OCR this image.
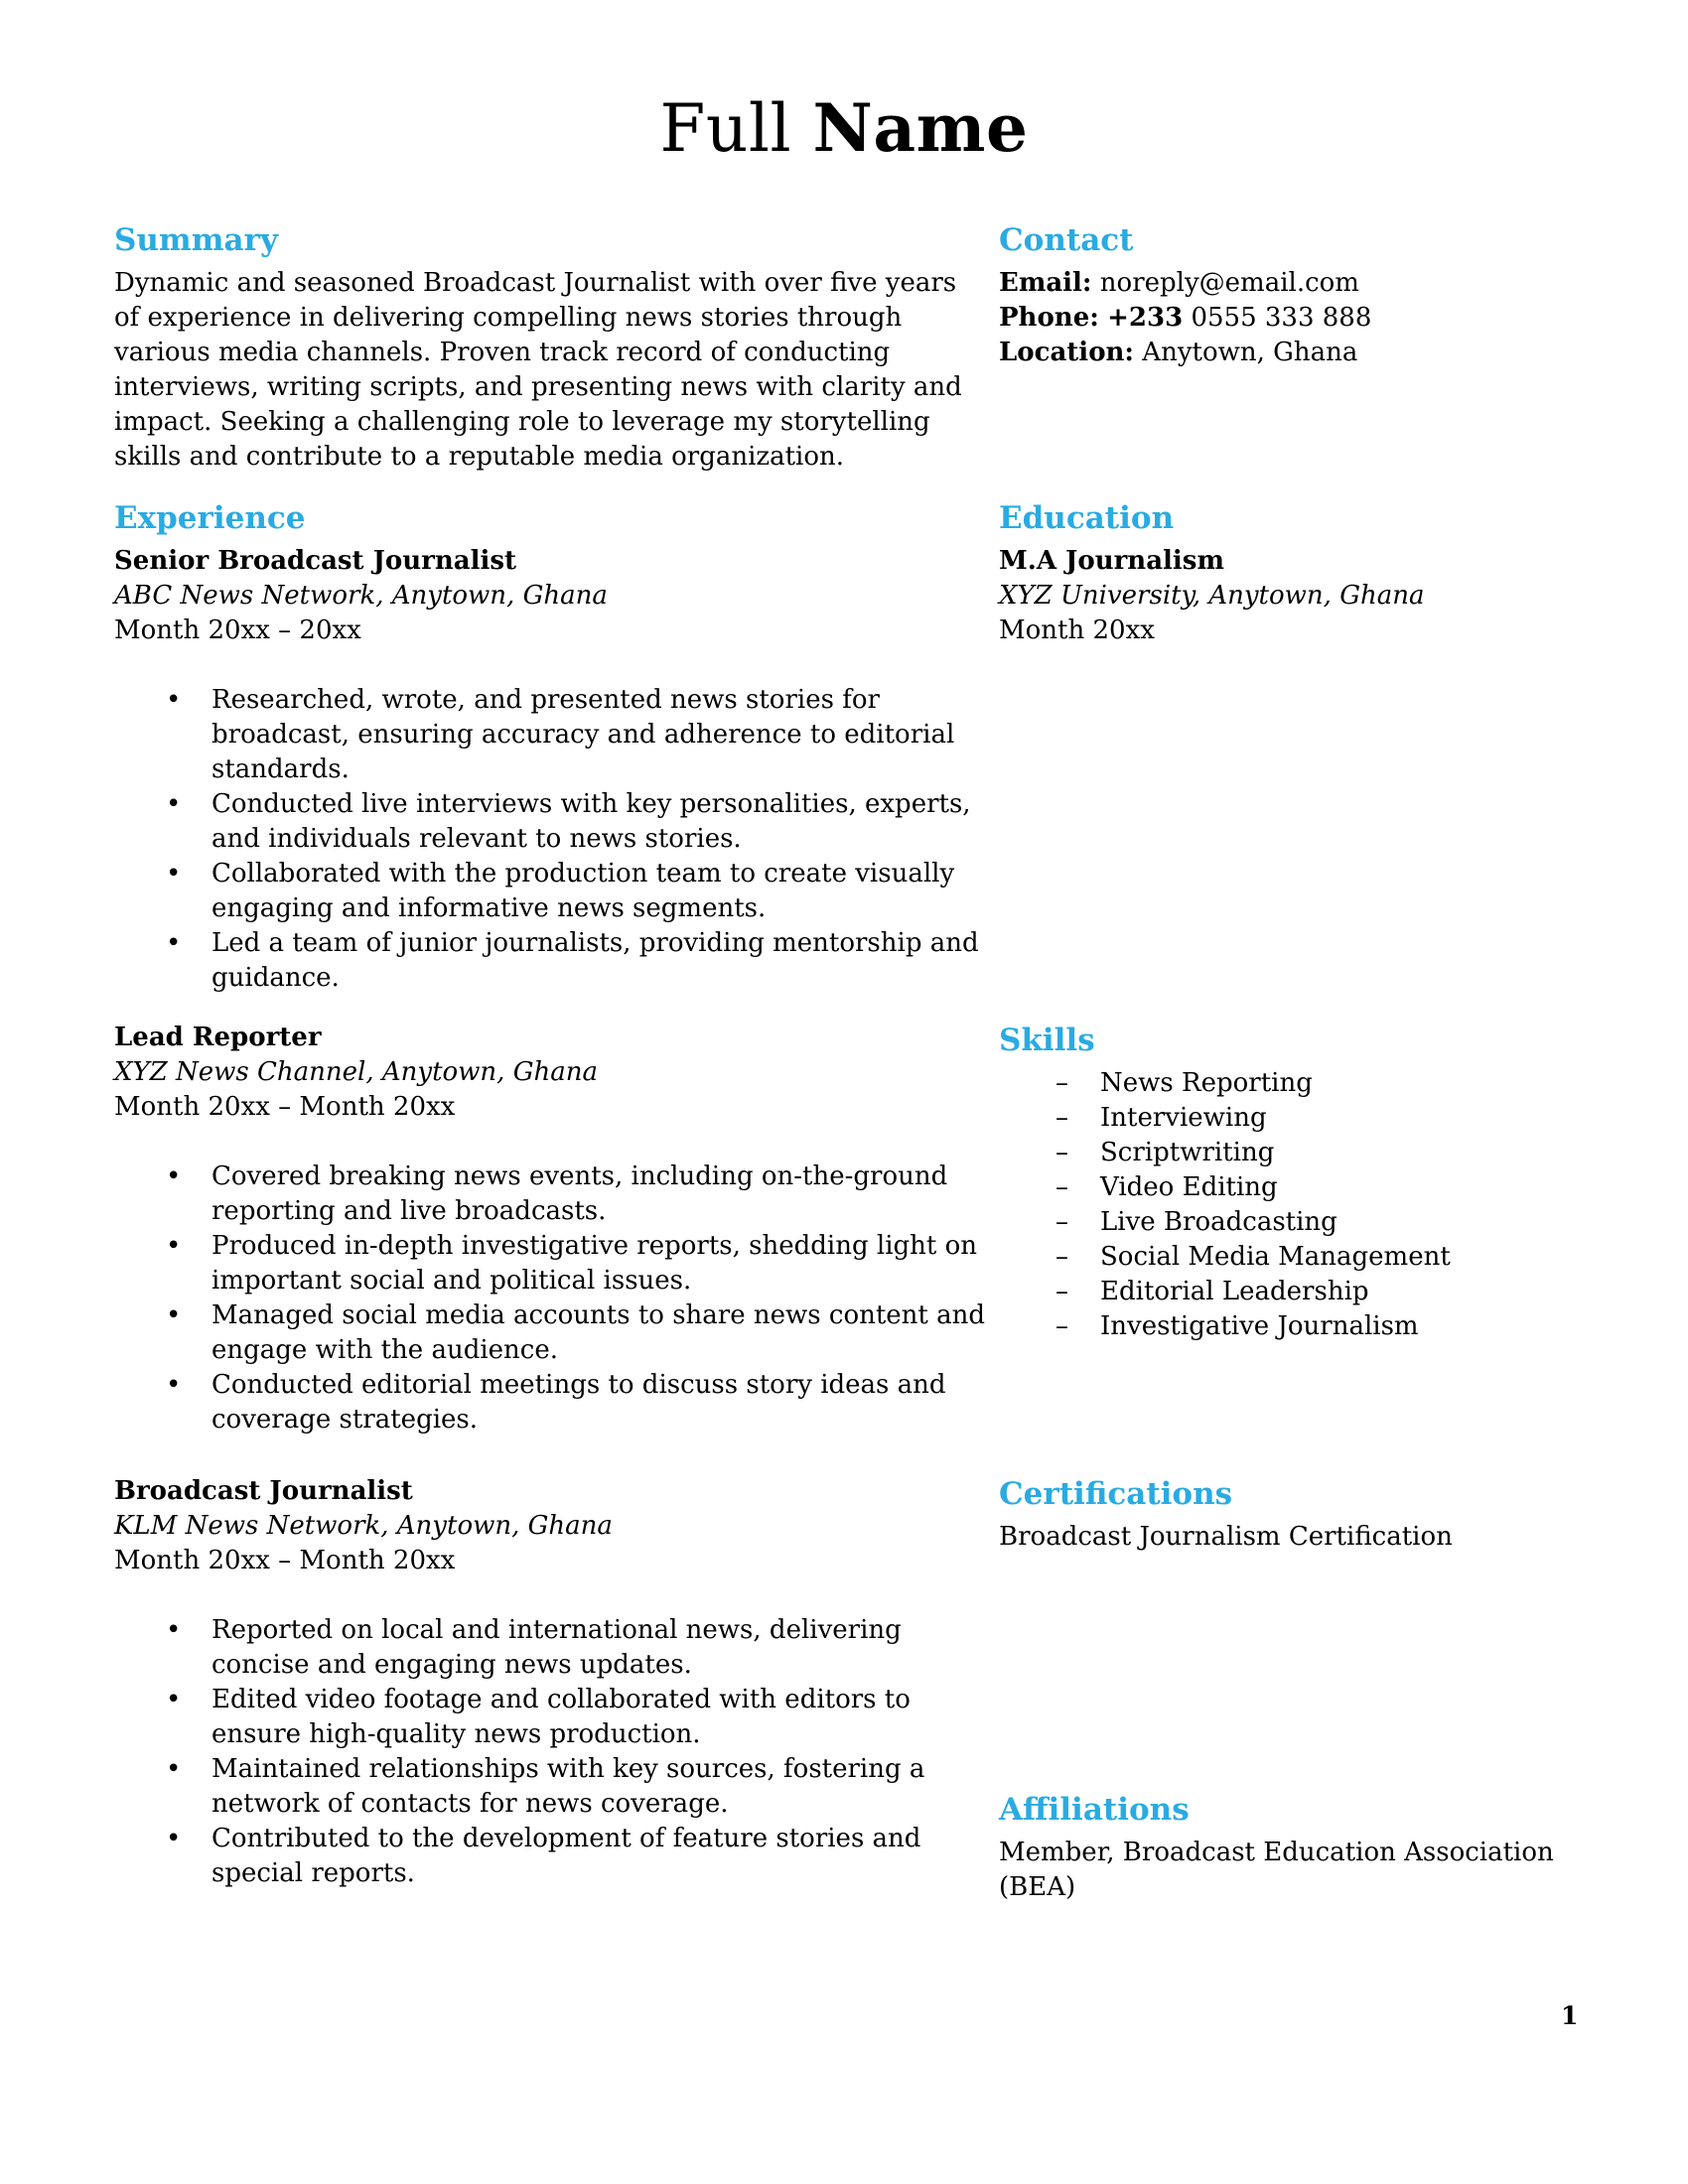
Full Name
Summary

Dynamic and seasoned Broadcast Journalist with over five years of experience in delivering compelling news stories through various media channels. Proven track record of conducting interviews, writing scripts, and presenting news with clarity and impact. Seeking a challenging role to leverage my storytelling skills and contribute to a reputable media organization.

Experience

Senior Broadcast Journalist

ABC News Network, Anytown, Ghana

Month 20xx – 20xx

•	Researched, wrote, and presented news stories for broadcast, ensuring accuracy and adherence to editorial standards.
•	Conducted live interviews with key personalities, experts, and individuals relevant to news stories.
•	Collaborated with the production team to create visually engaging and informative news segments.
•	Led a team of junior journalists, providing mentorship and guidance.

Lead Reporter

XYZ News Channel, Anytown, Ghana

Month 20xx – Month 20xx

•	Covered breaking news events, including on-the-ground reporting and live broadcasts.
•	Produced in-depth investigative reports, shedding light on important social and political issues.
•	Managed social media accounts to share news content and engage with the audience.
•	Conducted editorial meetings to discuss story ideas and coverage strategies.

Broadcast Journalist

KLM News Network, Anytown, Ghana

Month 20xx – Month 20xx

•	Reported on local and international news, delivering concise and engaging news updates.
•	Edited video footage and collaborated with editors to ensure high-quality news production.
•	Maintained relationships with key sources, fostering a network of contacts for news coverage.
•	Contributed to the development of feature stories and special reports.
Contact

Email: noreply@email.com

Phone: +233 0555 333 888

Location: Anytown, Ghana

Education

M.A Journalism

XYZ University, Anytown, Ghana

Month 20xx

Skills
–	News Reporting
–	Interviewing
–	Scriptwriting
–	Video Editing
–	Live Broadcasting
–	Social Media Management
–	Editorial Leadership
–	Investigative Journalism
Certifications

Broadcast Journalism Certification

Affiliations

Member, Broadcast Education Association (BEA)

1
